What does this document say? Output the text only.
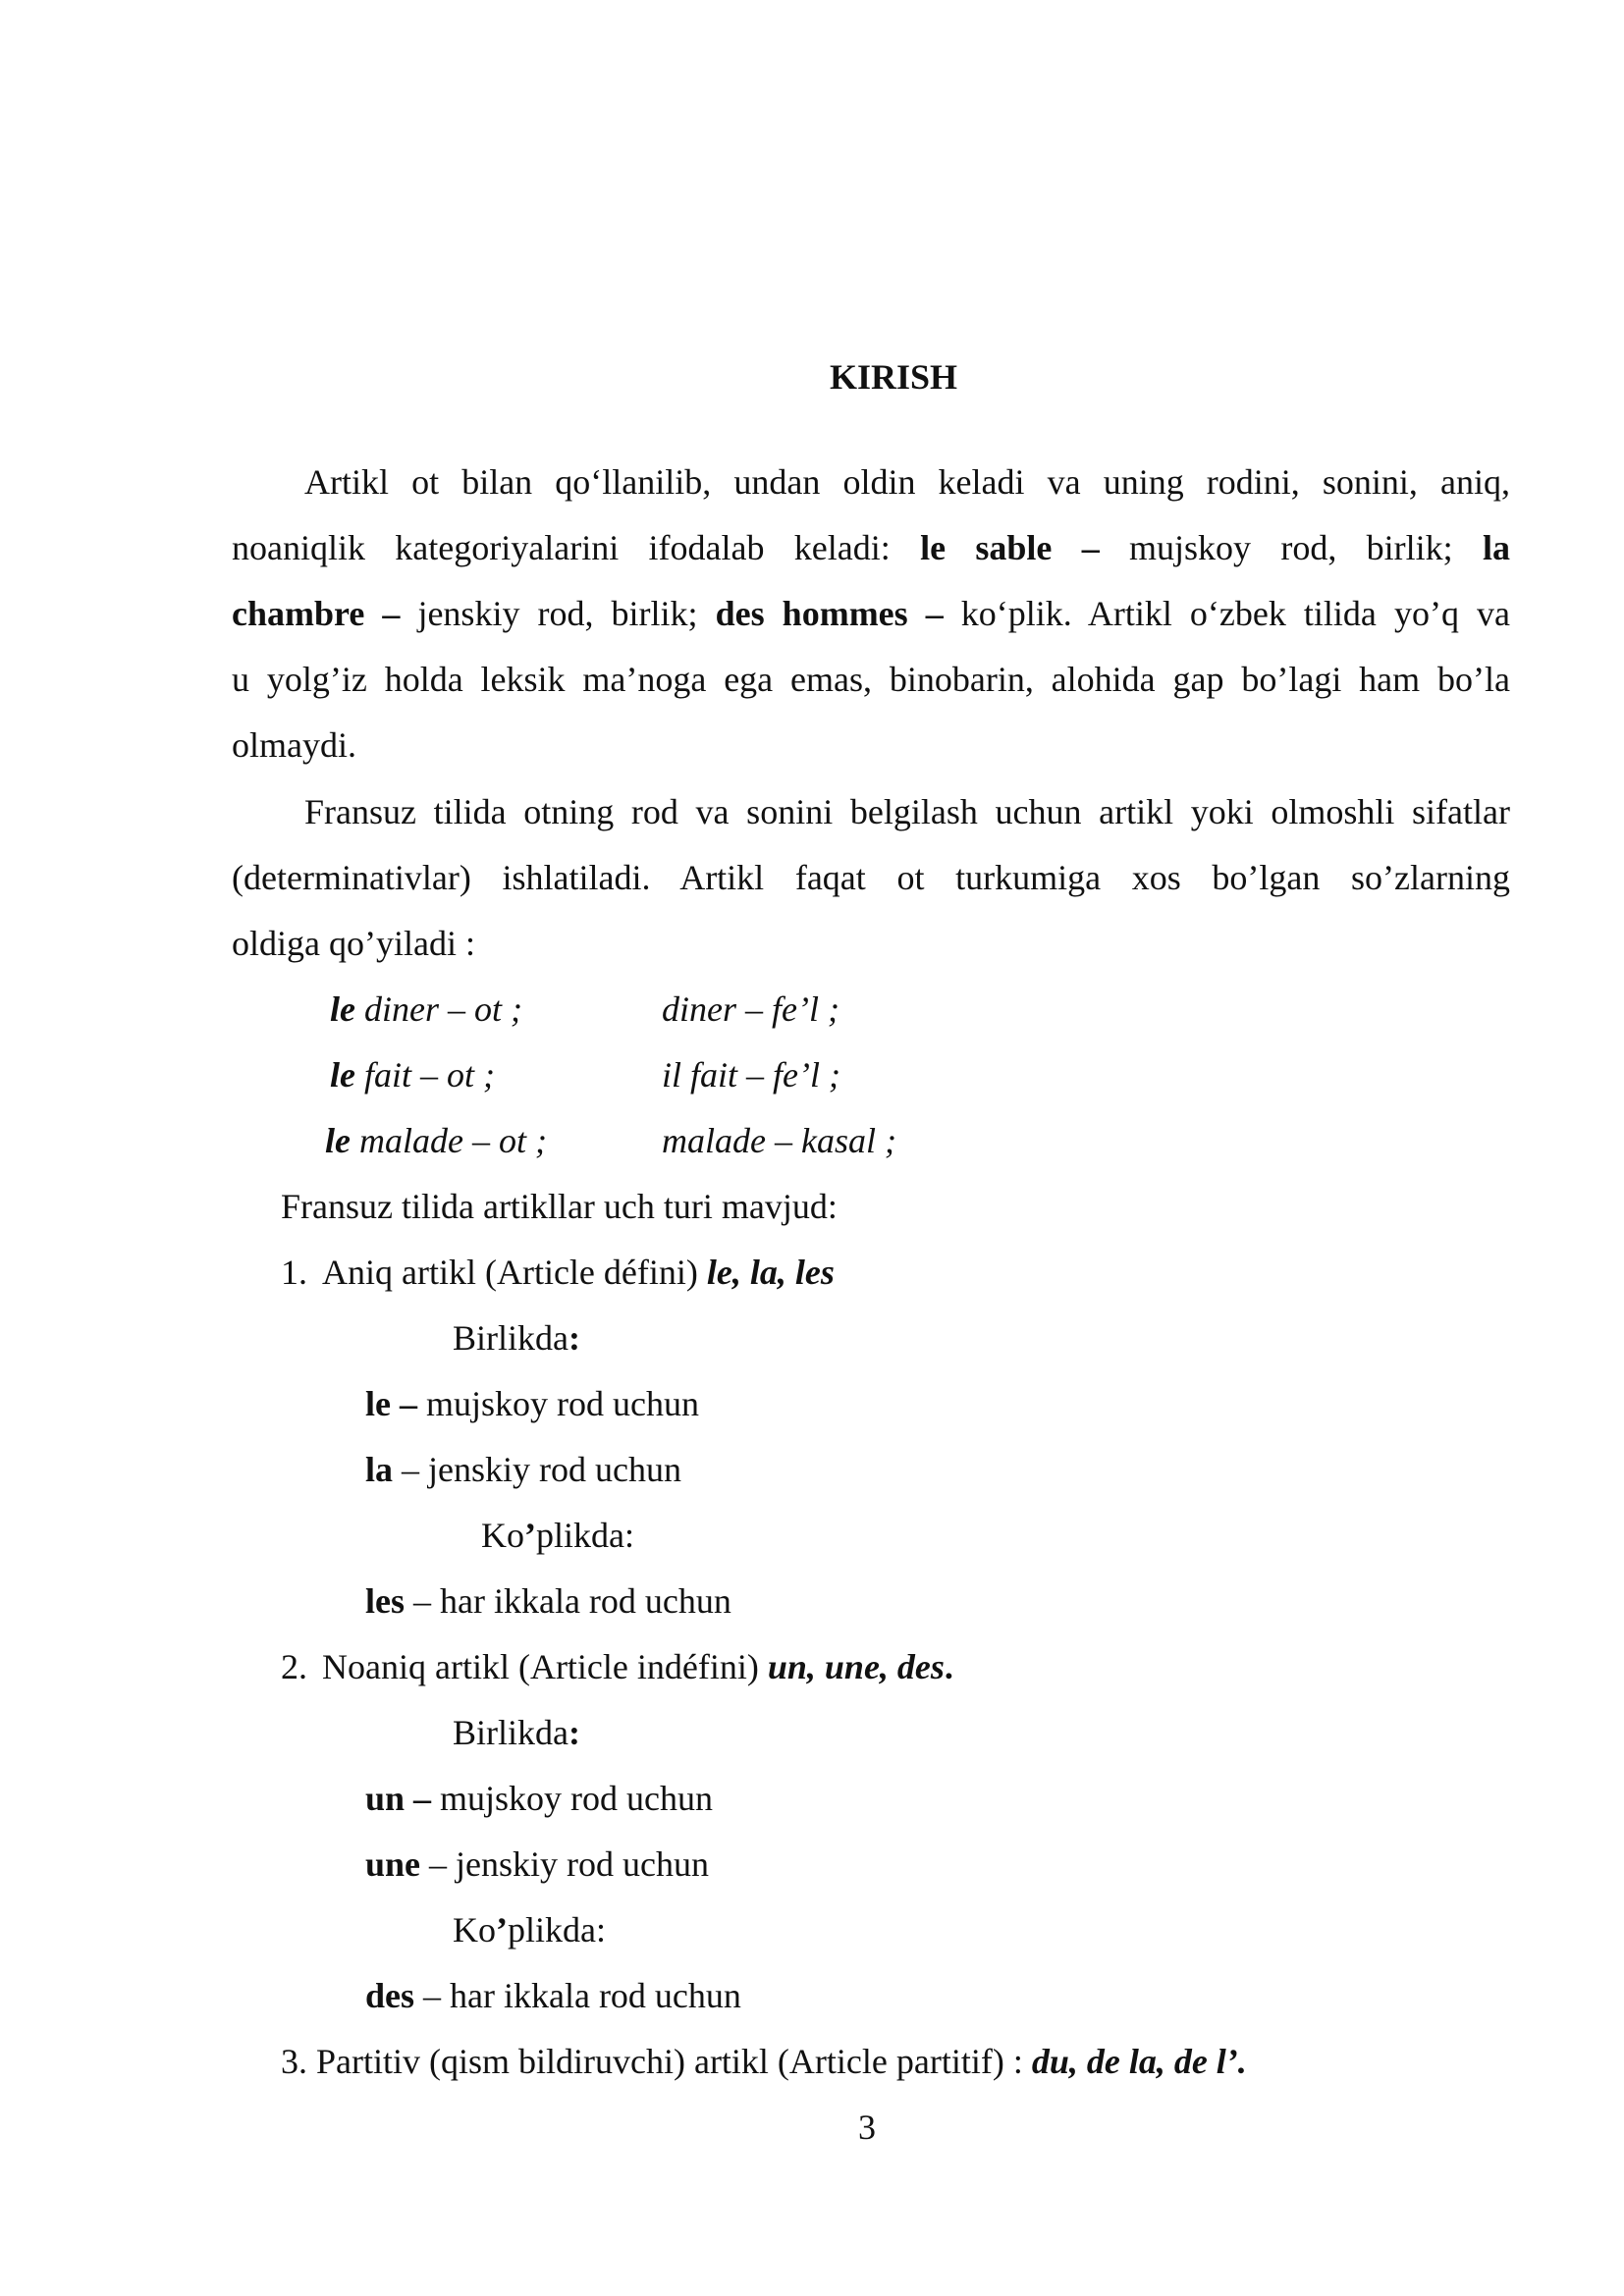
KIRISH
Artikl ot bilan qo‘llanilib, undan oldin keladi va uning rodini, sonini, aniq,
noaniqlik kategoriyalarini ifodalab keladi: le sable – mujskoy rod, birlik; la
chambre – jenskiy rod, birlik; des hommes – ko‘plik. Artikl o‘zbek tilida yo’q va
u yolg’iz holda leksik ma’noga ega emas, binobarin, alohida gap bo’lagi ham bo’la
olmaydi.
Fransuz tilida otning rod va sonini belgilash uchun artikl yoki olmoshli sifatlar
(determinativlar) ishlatiladi. Artikl faqat ot turkumiga xos bo’lgan so’zlarning
oldiga qo’yiladi :
le diner – ot ;	diner – fe’l ;
le fait – ot ;	il fait – fe’l ;
le malade – ot ;	malade – kasal ;
Fransuz tilida artikllar uch turi mavjud:
1. Aniq artikl (Article défini) le, la, les
Birlikda:
le – mujskoy rod uchun
la – jenskiy rod uchun
Ko’plikda:
les – har ikkala rod uchun
2. Noaniq artikl (Article indéfini) un, une, des.
Birlikda:
un – mujskoy rod uchun
une – jenskiy rod uchun
Ko’plikda:
des – har ikkala rod uchun
3. Partitiv (qism bildiruvchi) artikl (Article partitif) : du, de la, de l’.
3
